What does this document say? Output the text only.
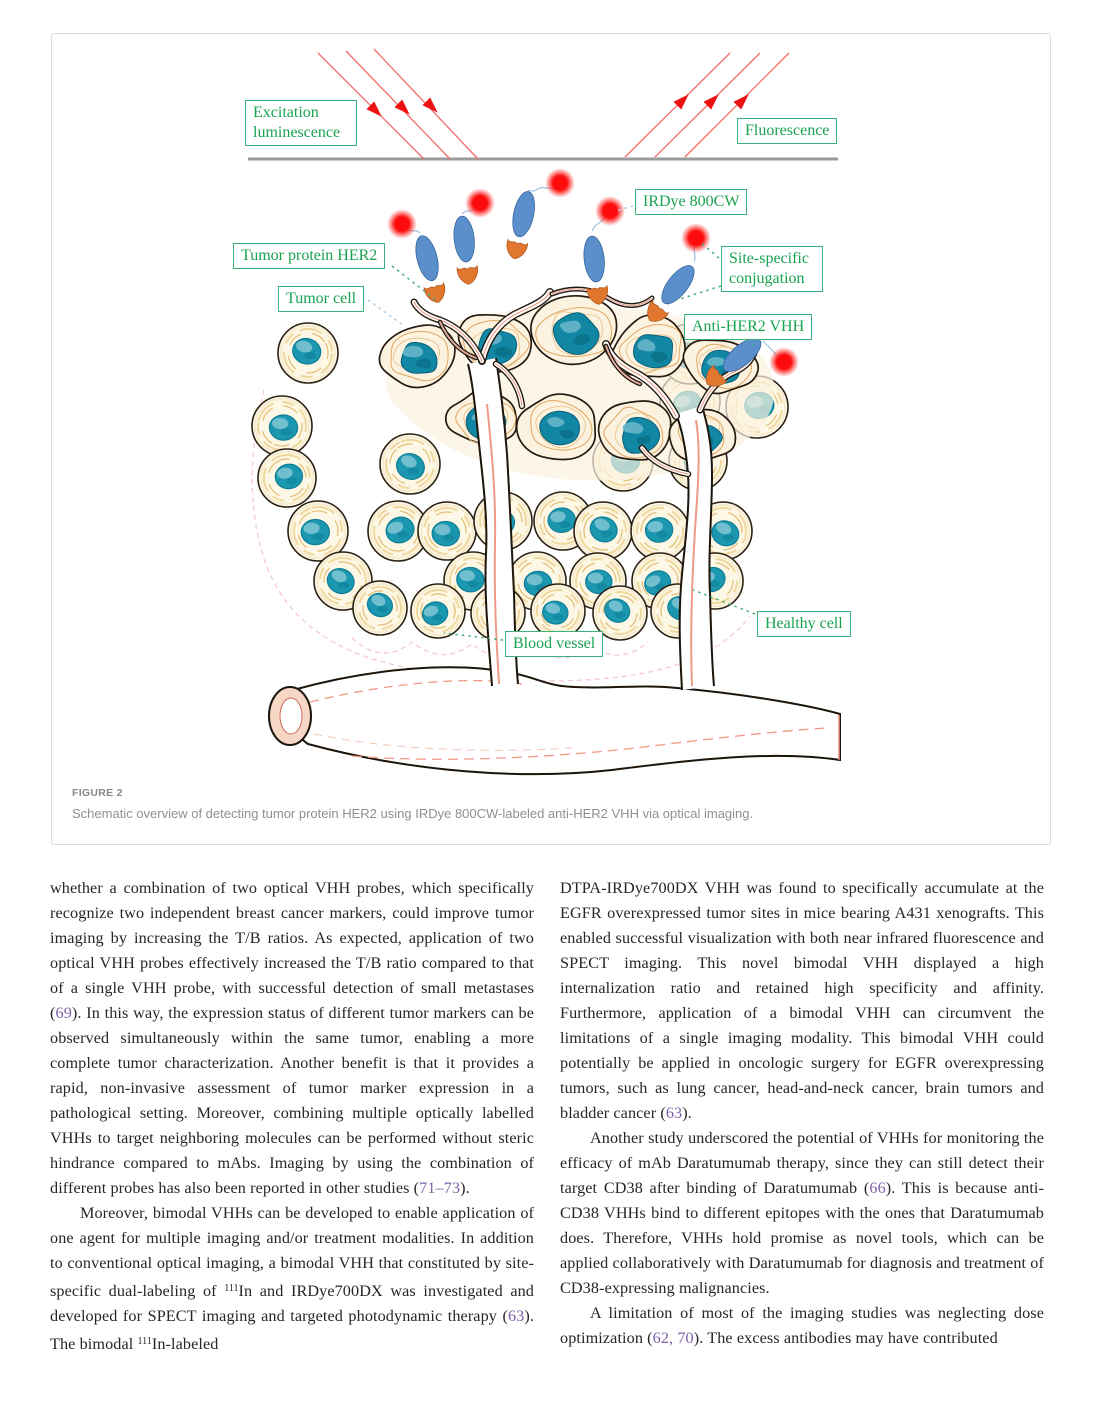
Excitation luminescence	Fluorescence
IRDye 800CW
Tumor protein HER2	Site-specific conjugation
Tumor cell
Anti-HER2 VHH
Healthy cell
Blood vessel
FIGURE 2
Schematic overview of detecting tumor protein HER2 using IRDye 800CW-labeled anti-HER2 VHH via optical imaging.

whether a combination of two optical VHH probes, which specifically recognize two independent breast cancer markers, could improve tumor imaging by increasing the T/B ratios. As expected, application of two optical VHH probes effectively increased the T/B ratio compared to that of a single VHH probe, with successful detection of small metastases (69). In this way, the expression status of different tumor markers can be observed simultaneously within the same tumor, enabling a more complete tumor characterization. Another benefit is that it provides a rapid, non-invasive assessment of tumor marker expression in a pathological setting. Moreover, combining multiple optically labelled VHHs to target neighboring molecules can be performed without steric hindrance compared to mAbs. Imaging by using the combination of different probes has also been reported in other studies (71–73).

Moreover, bimodal VHHs can be developed to enable application of one agent for multiple imaging and/or treatment modalities. In addition to conventional optical imaging, a bimodal VHH that constituted by site-specific dual-labeling of $^{111}$In and IRDye700DX was investigated and developed for SPECT imaging and targeted photodynamic therapy (63). The bimodal $^{111}$In-labeled

DTPA-IRDye700DX VHH was found to specifically accumulate at the EGFR overexpressed tumor sites in mice bearing A431 xenografts. This enabled successful visualization with both near infrared fluorescence and SPECT imaging. This novel bimodal VHH displayed a high internalization ratio and retained high specificity and affinity. Furthermore, application of a bimodal VHH can circumvent the limitations of a single imaging modality. This bimodal VHH could potentially be applied in oncologic surgery for EGFR overexpressing tumors, such as lung cancer, head-and-neck cancer, brain tumors and bladder cancer (63).

Another study underscored the potential of VHHs for monitoring the efficacy of mAb Daratumumab therapy, since they can still detect their target CD38 after binding of Daratumumab (66). This is because anti-CD38 VHHs bind to different epitopes with the ones that Daratumumab does. Therefore, VHHs hold promise as novel tools, which can be applied collaboratively with Daratumumab for diagnosis and treatment of CD38-expressing malignancies.

A limitation of most of the imaging studies was neglecting dose optimization (62, 70). The excess antibodies may have contributed
